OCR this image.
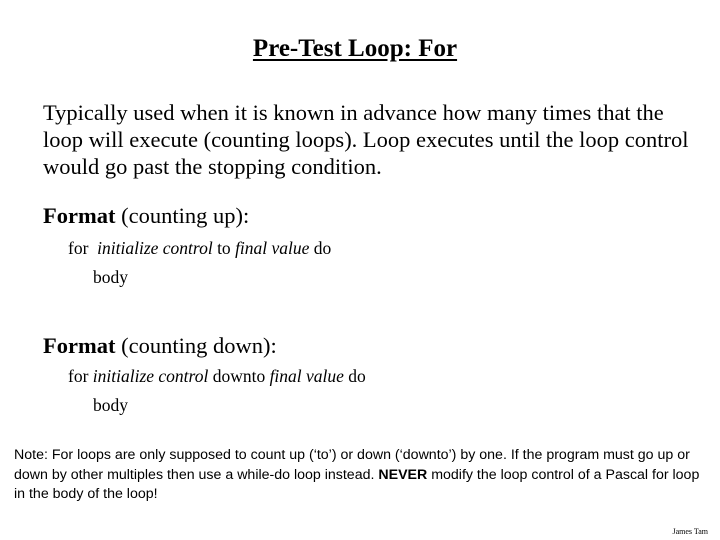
Pre-Test Loop: For

Typically used when it is known in advance how many times that the loop will execute (counting loops). Loop executes until the loop control would go past the stopping condition.

Format (counting up):

for  initialize control to final value do

body

Format (counting down):

for initialize control downto final value do

body

Note: For loops are only supposed to count up (‘to’) or down (‘downto’) by one. If the program must go up or down by other multiples then use a while-do loop instead. NEVER modify the loop control of a Pascal for loop in the body of the loop!

James Tam
